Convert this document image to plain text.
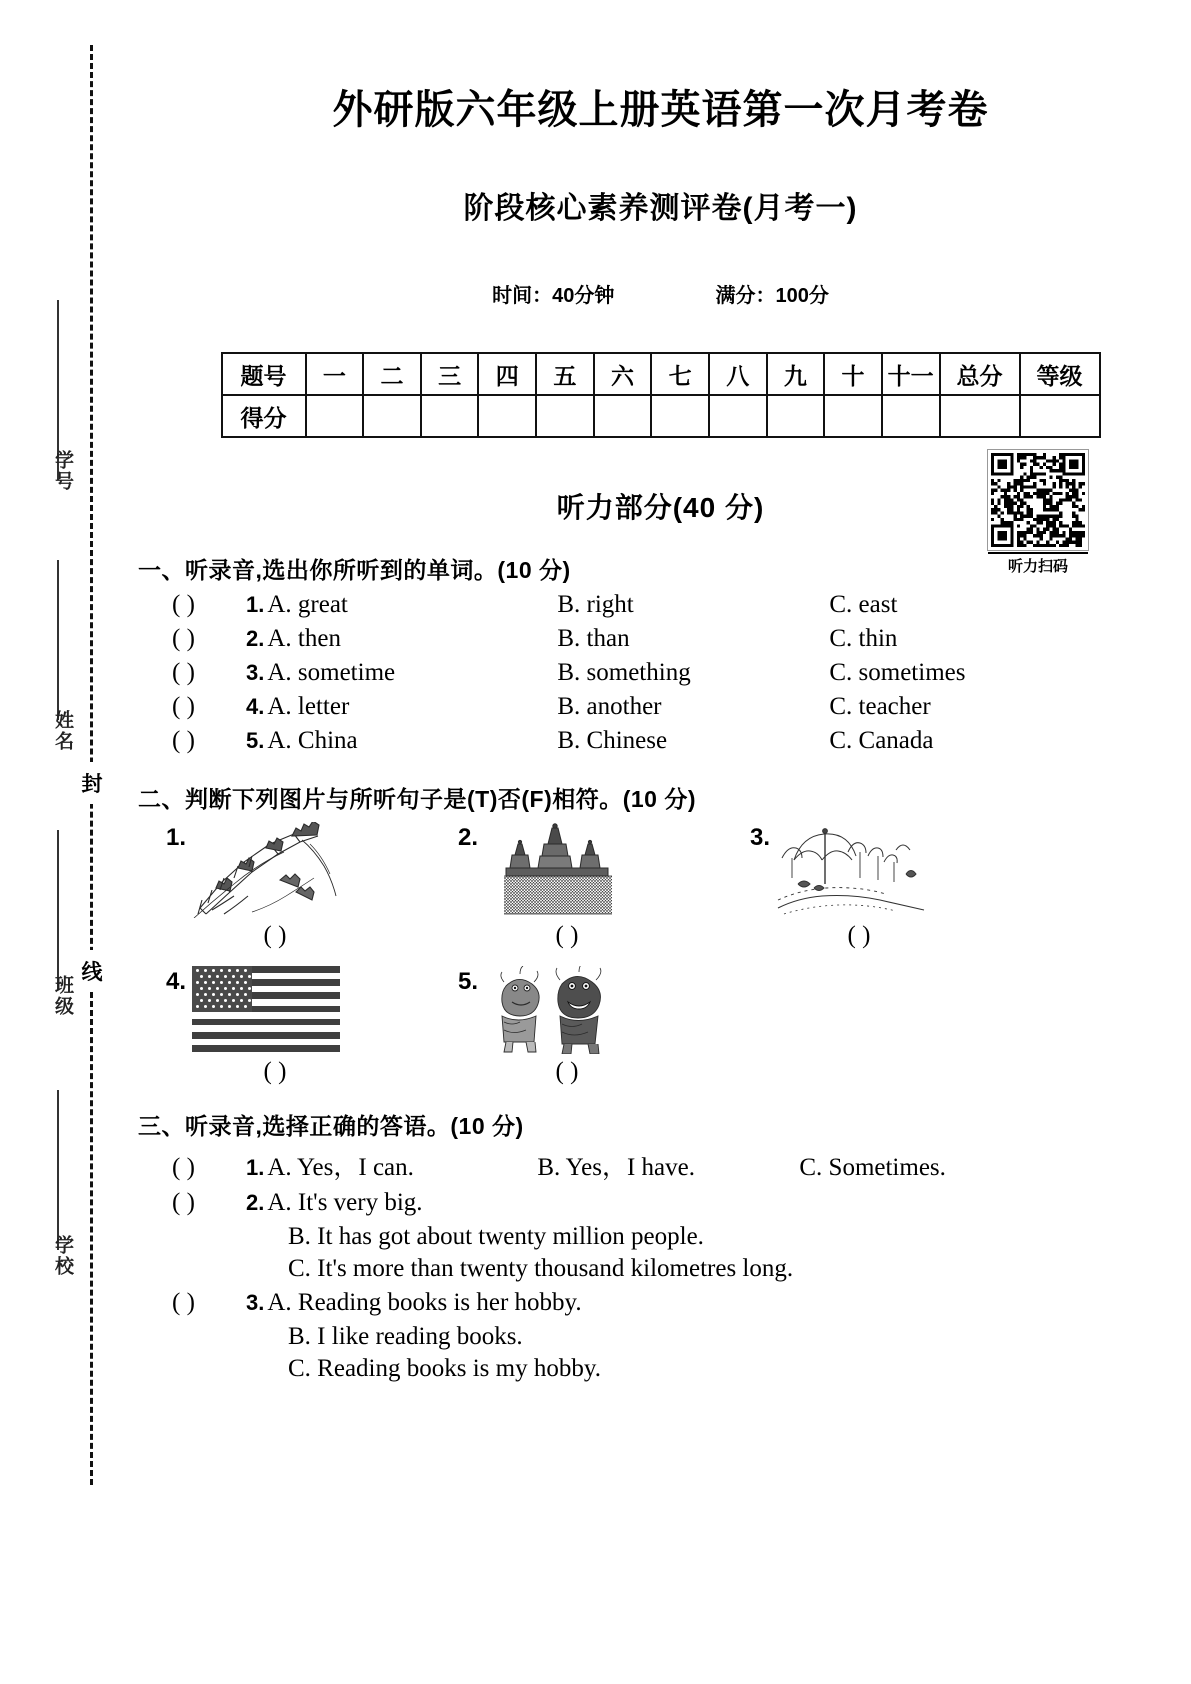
学号
姓名
班级
学校
封
线
外研版六年级上册英语第一次月考卷
阶段核心素养测评卷(月考一)
时间：40分钟	满分：100分
题号	一	二	三	四	五	六	七	八	九	十	十一	总分	等级
得分													
听力扫码
听力部分(40 分)
一、听录音,选出你所听到的单词。(10 分)
( )	1. A. great	B. right	C. east
( )	2. A. then	B. than	C. thin
( )	3. A. sometime	B. something	C. sometimes
( )	4. A. letter	B. another	C. teacher
( )	5. A. China	B. Chinese	C. Canada
二、判断下列图片与所听句子是(T)否(F)相符。(10 分)
1.
( )
2.
( )
3.
( )
4.
( )
5.
( )
三、听录音,选择正确的答语。(10 分)
( )	1. A. Yes，I can.	B. Yes，I have.	C. Sometimes.
( )	2. A. It's very big.
B. It has got about twenty million people.
C. It's more than twenty thousand kilometres long.
( )	3. A. Reading books is her hobby.
B. I like reading books.
C. Reading books is my hobby.
